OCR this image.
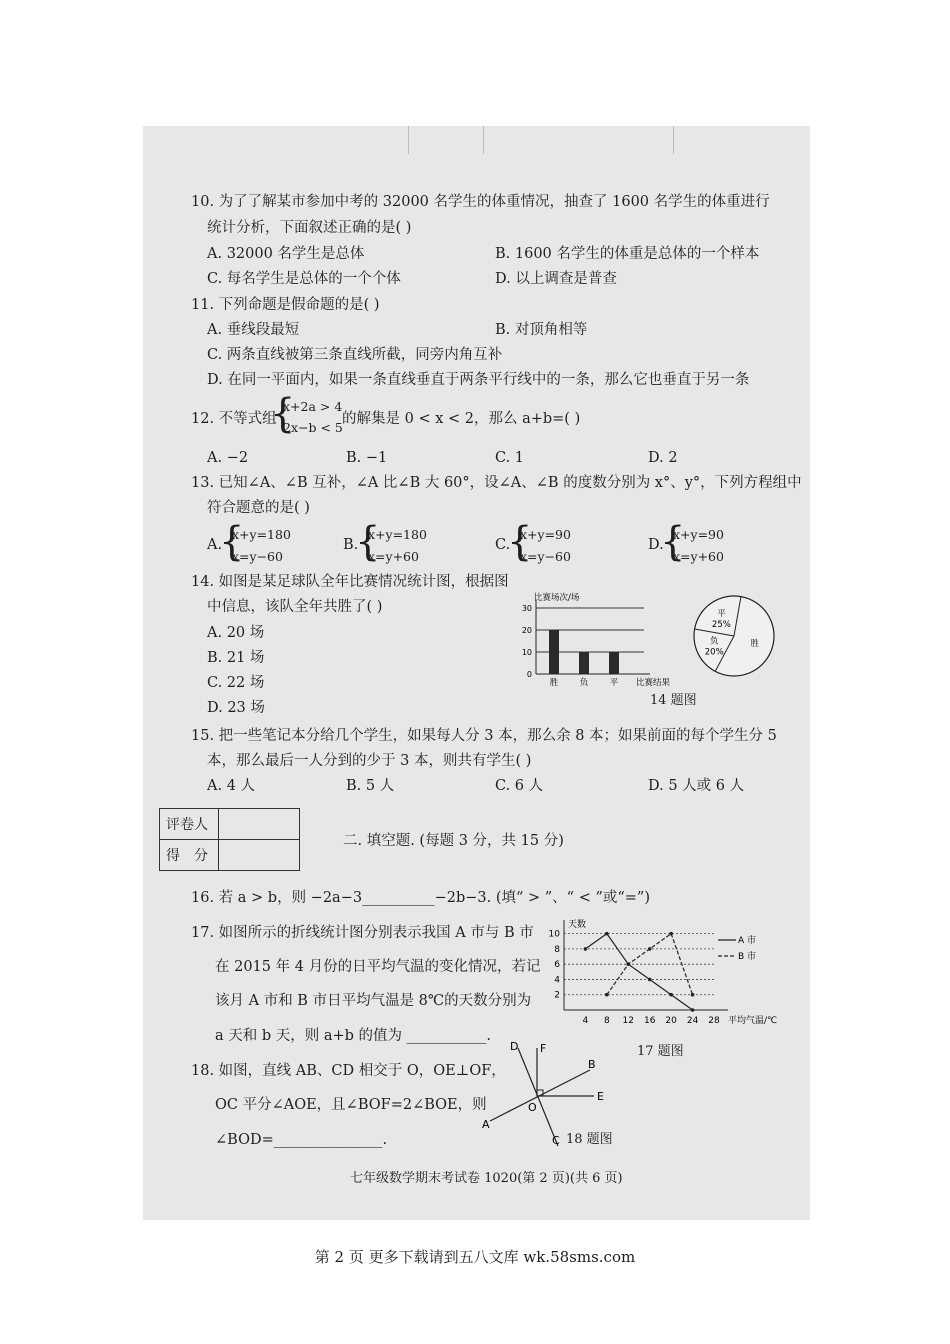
10. 为了了解某市参加中考的 32000 名学生的体重情况，抽查了 1600 名学生的体重进行
统计分析，下面叙述正确的是( )
A. 32000 名学生是总体	B. 1600 名学生的体重是总体的一个样本
C. 每名学生是总体的一个个体	D. 以上调查是普查
11. 下列命题是假命题的是( )
A. 垂线段最短	B. 对顶角相等
C. 两条直线被第三条直线所截，同旁内角互补
D. 在同一平面内，如果一条直线垂直于两条平行线中的一条，那么它也垂直于另一条
12. 不等式组
{
x+2a > 4
2x−b < 5
的解集是 0 < x < 2，那么 a+b=( )
A. −2	B. −1	C. 1	D. 2
13. 已知∠A、∠B 互补，∠A 比∠B 大 60°，设∠A、∠B 的度数分别为 x°、y°，下列方程组中
符合题意的是( )
A.
{
x+y=180
x=y−60
B.
{
x+y=180
x=y+60
C.
{
x+y=90
x=y−60
D.
{
x+y=90
x=y+60
14. 如图是某足球队全年比赛情况统计图，根据图
中信息，该队全年共胜了( )
A. 20 场
B. 21 场
C. 22 场
D. 23 场
0
10
20
30
比赛场次/场
胜	负	平 比赛结果
胜
负
20%
平
25%
14 题图
15. 把一些笔记本分给几个学生，如果每人分 3 本，那么余 8 本；如果前面的每个学生分 5
本，那么最后一人分到的少于 3 本，则共有学生( )
A. 4 人	B. 5 人	C. 6 人	D. 5 人或 6 人
评卷人	
得　分	
二. 填空题. (每题 3 分，共 15 分)
16. 若 a > b，则 −2a−3__________−2b−3. (填“ > ”、“ < ”或“=”)
17. 如图所示的折线统计图分别表示我国 A 市与 B 市
在 2015 年 4 月份的日平均气温的变化情况，若记
该月 A 市和 B 市日平均气温是 8℃的天数分别为
a 天和 b 天，则 a+b 的值为 ___________.
天数
2
4
6
8
10
4 8 12 16 20 24 28 平均气温/℃
A 市
B 市
17 题图
18. 如图，直线 AB、CD 相交于 O，OE⊥OF，
OC 平分∠AOE，且∠BOF=2∠BOE，则
∠BOD=_______________.
D F
B
E
O
A
C 18 题图
七年级数学期末考试卷 1020(第 2 页)(共 6 页)
第 2 页 更多下载请到五八文库 wk.58sms.com
